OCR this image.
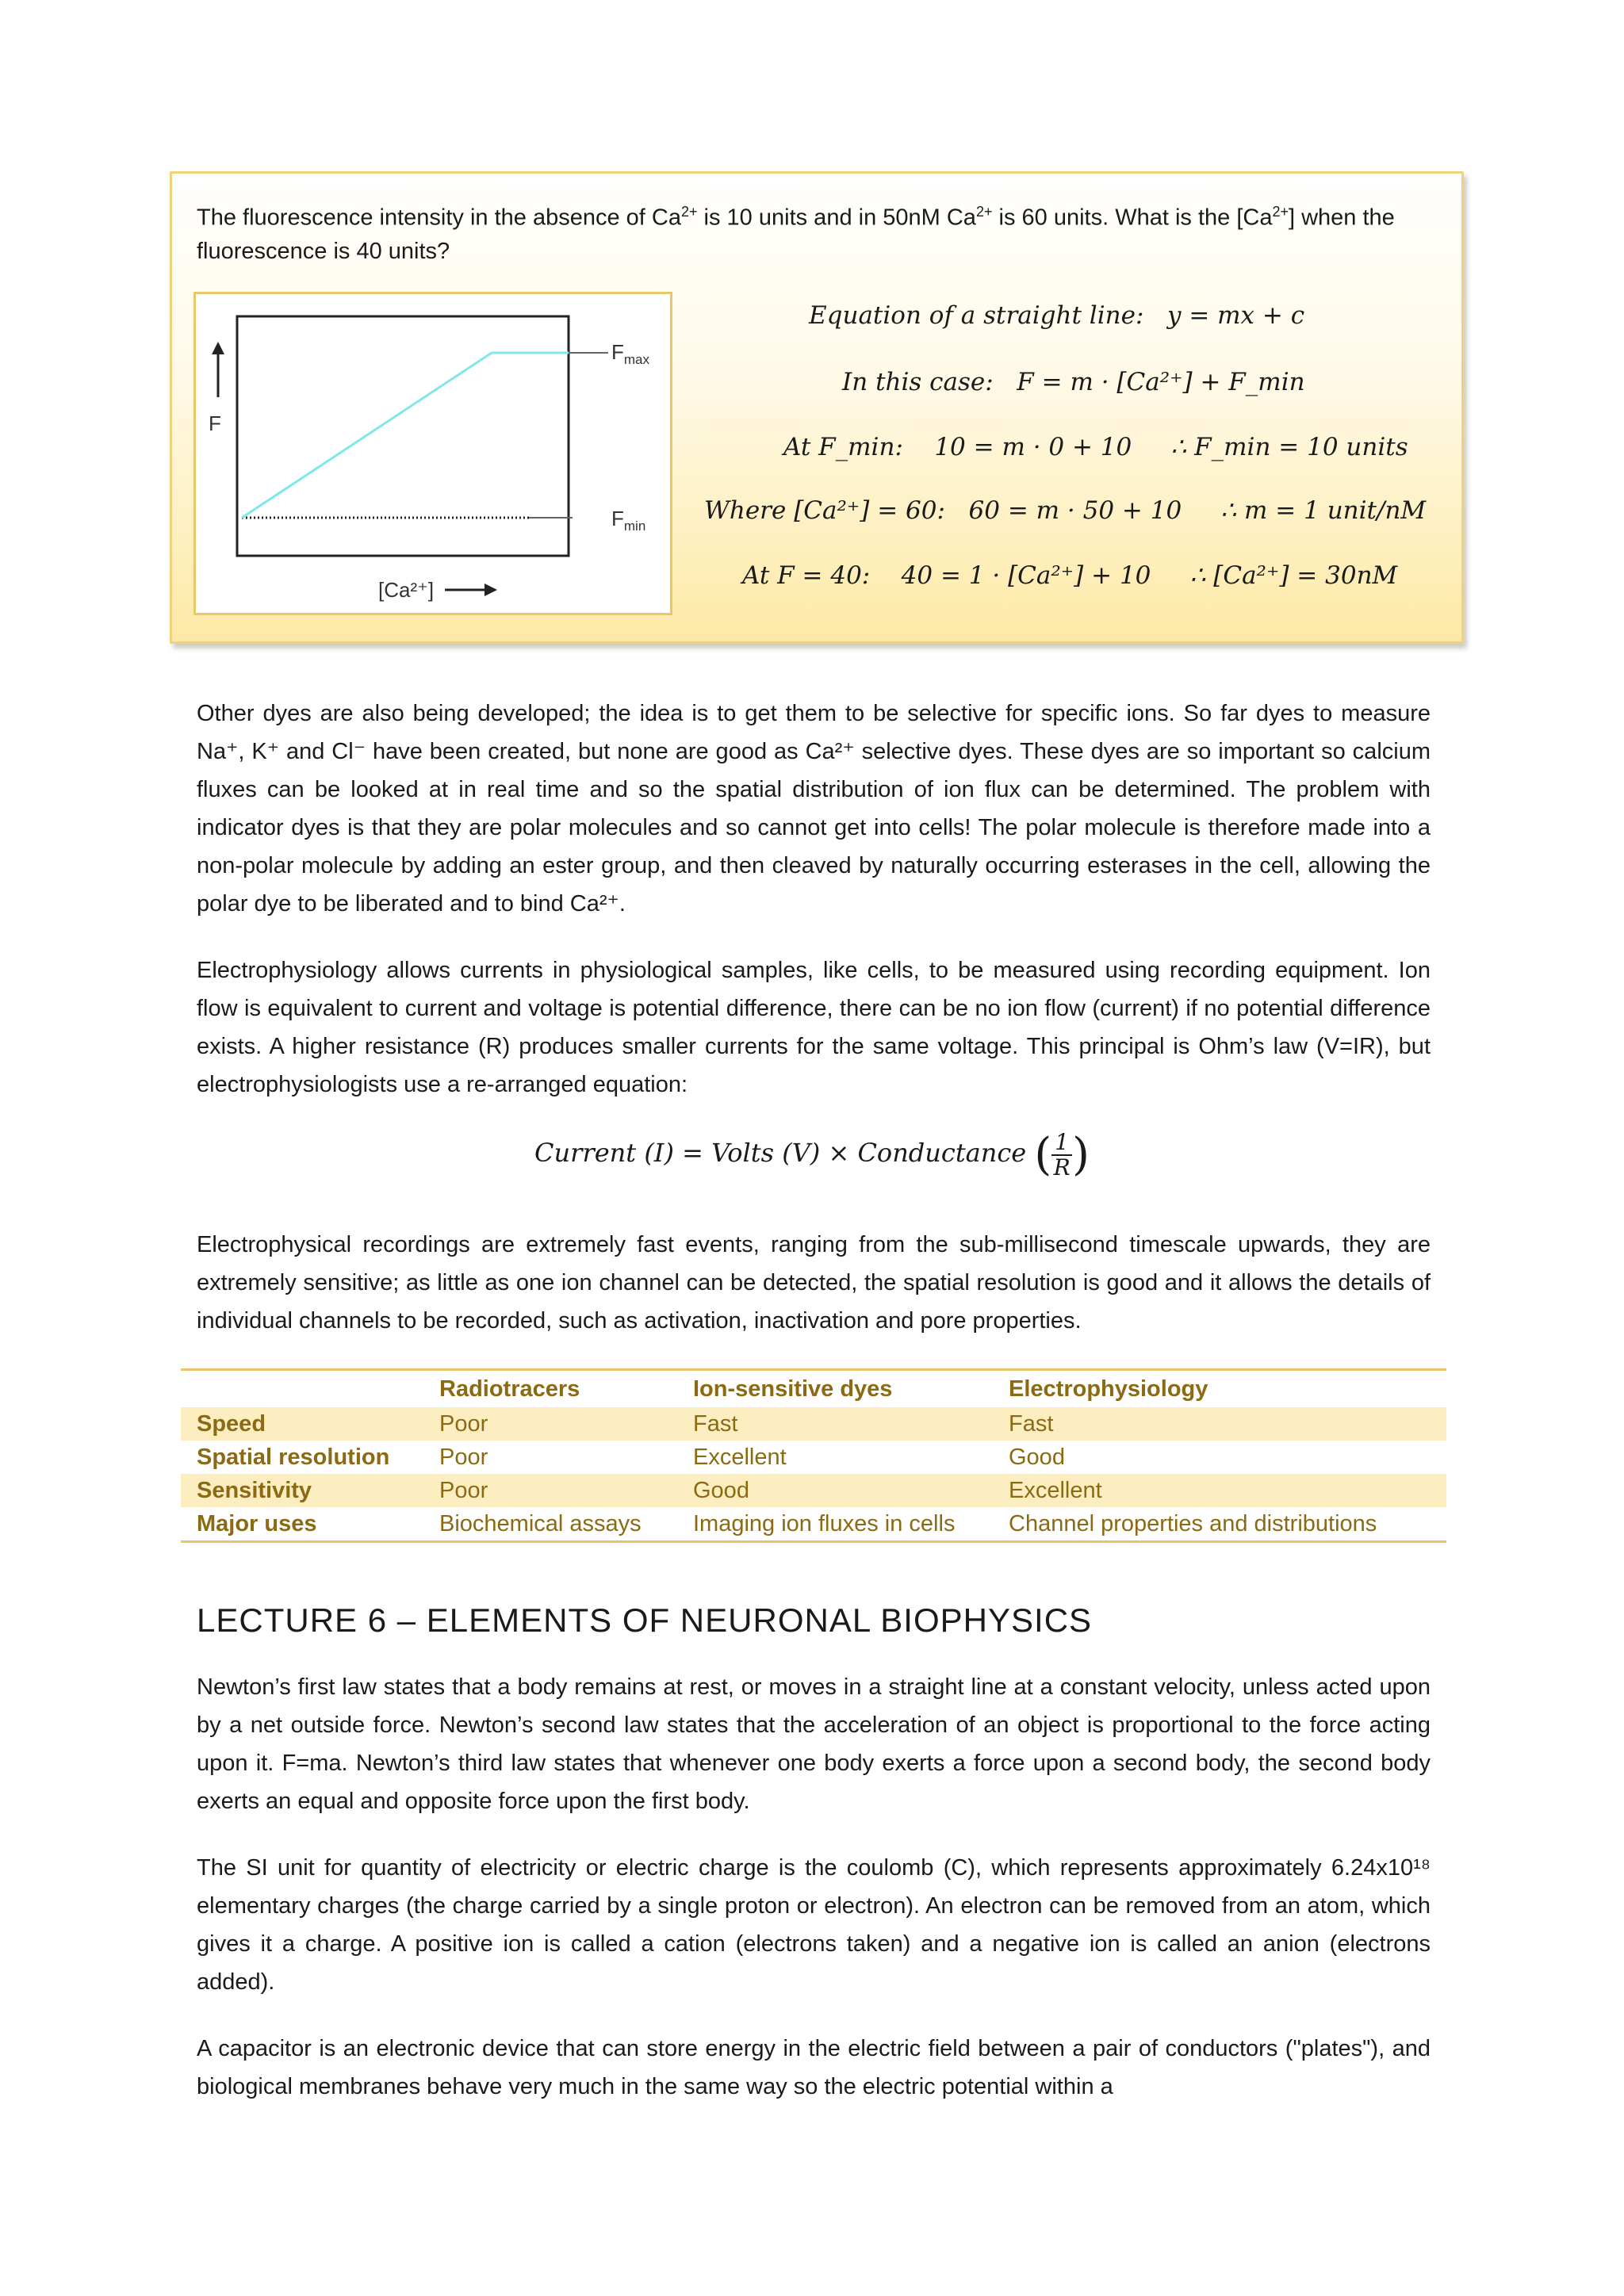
The fluorescence intensity in the absence of $Ca^{2+}$ is 10 units and in 50nM $Ca^{2+}$ is 60 units. What is the $[Ca^{2+}]$ when the fluorescence is 40 units?
F
$F_{max}$
$F_{min}$
[Ca²⁺]
Equation of a straight line: y = mx + c
In this case: F = m · [Ca²⁺] + F_min
At F_min: 10 = m · 0 + 10 ∴ F_min = 10 units
Where [Ca²⁺] = 60: 60 = m · 50 + 10 ∴ m = 1 unit/nM
At F = 40: 40 = 1 · [Ca²⁺] + 10 ∴ [Ca²⁺] = 30nM

Other dyes are also being developed; the idea is to get them to be selective for specific ions. So far dyes to measure Na⁺, K⁺ and Cl⁻ have been created, but none are good as Ca²⁺ selective dyes. These dyes are so important so calcium fluxes can be looked at in real time and so the spatial distribution of ion flux can be determined. The problem with indicator dyes is that they are polar molecules and so cannot get into cells! The polar molecule is therefore made into a non-polar molecule by adding an ester group, and then cleaved by naturally occurring esterases in the cell, allowing the polar dye to be liberated and to bind Ca²⁺.

Electrophysiology allows currents in physiological samples, like cells, to be measured using recording equipment. Ion flow is equivalent to current and voltage is potential difference, there can be no ion flow (current) if no potential difference exists. A higher resistance (R) produces smaller currents for the same voltage. This principal is Ohm’s law (V=IR), but electrophysiologists use a re-arranged equation:

Current (I) = Volts (V) × Conductance ( $\frac{1}{R}$)

Electrophysical recordings are extremely fast events, ranging from the sub-millisecond timescale upwards, they are extremely sensitive; as little as one ion channel can be detected, the spatial resolution is good and it allows the details of individual channels to be recorded, such as activation, inactivation and pore properties.

	Radiotracers	Ion-sensitive dyes	Electrophysiology
Speed	Poor	Fast	Fast
Spatial resolution	Poor	Excellent	Good
Sensitivity	Poor	Good	Excellent
Major uses	Biochemical assays	Imaging ion fluxes in cells	Channel properties and distributions
LECTURE 6 – ELEMENTS OF NEURONAL BIOPHYSICS

Newton’s first law states that a body remains at rest, or moves in a straight line at a constant velocity, unless acted upon by a net outside force. Newton’s second law states that the acceleration of an object is proportional to the force acting upon it. F=ma. Newton’s third law states that whenever one body exerts a force upon a second body, the second body exerts an equal and opposite force upon the first body.

The SI unit for quantity of electricity or electric charge is the coulomb (C), which represents approximately 6.24x10¹⁸ elementary charges (the charge carried by a single proton or electron). An electron can be removed from an atom, which gives it a charge. A positive ion is called a cation (electrons taken) and a negative ion is called an anion (electrons added).

A capacitor is an electronic device that can store energy in the electric field between a pair of conductors ("plates"), and biological membranes behave very much in the same way so the electric potential within a
